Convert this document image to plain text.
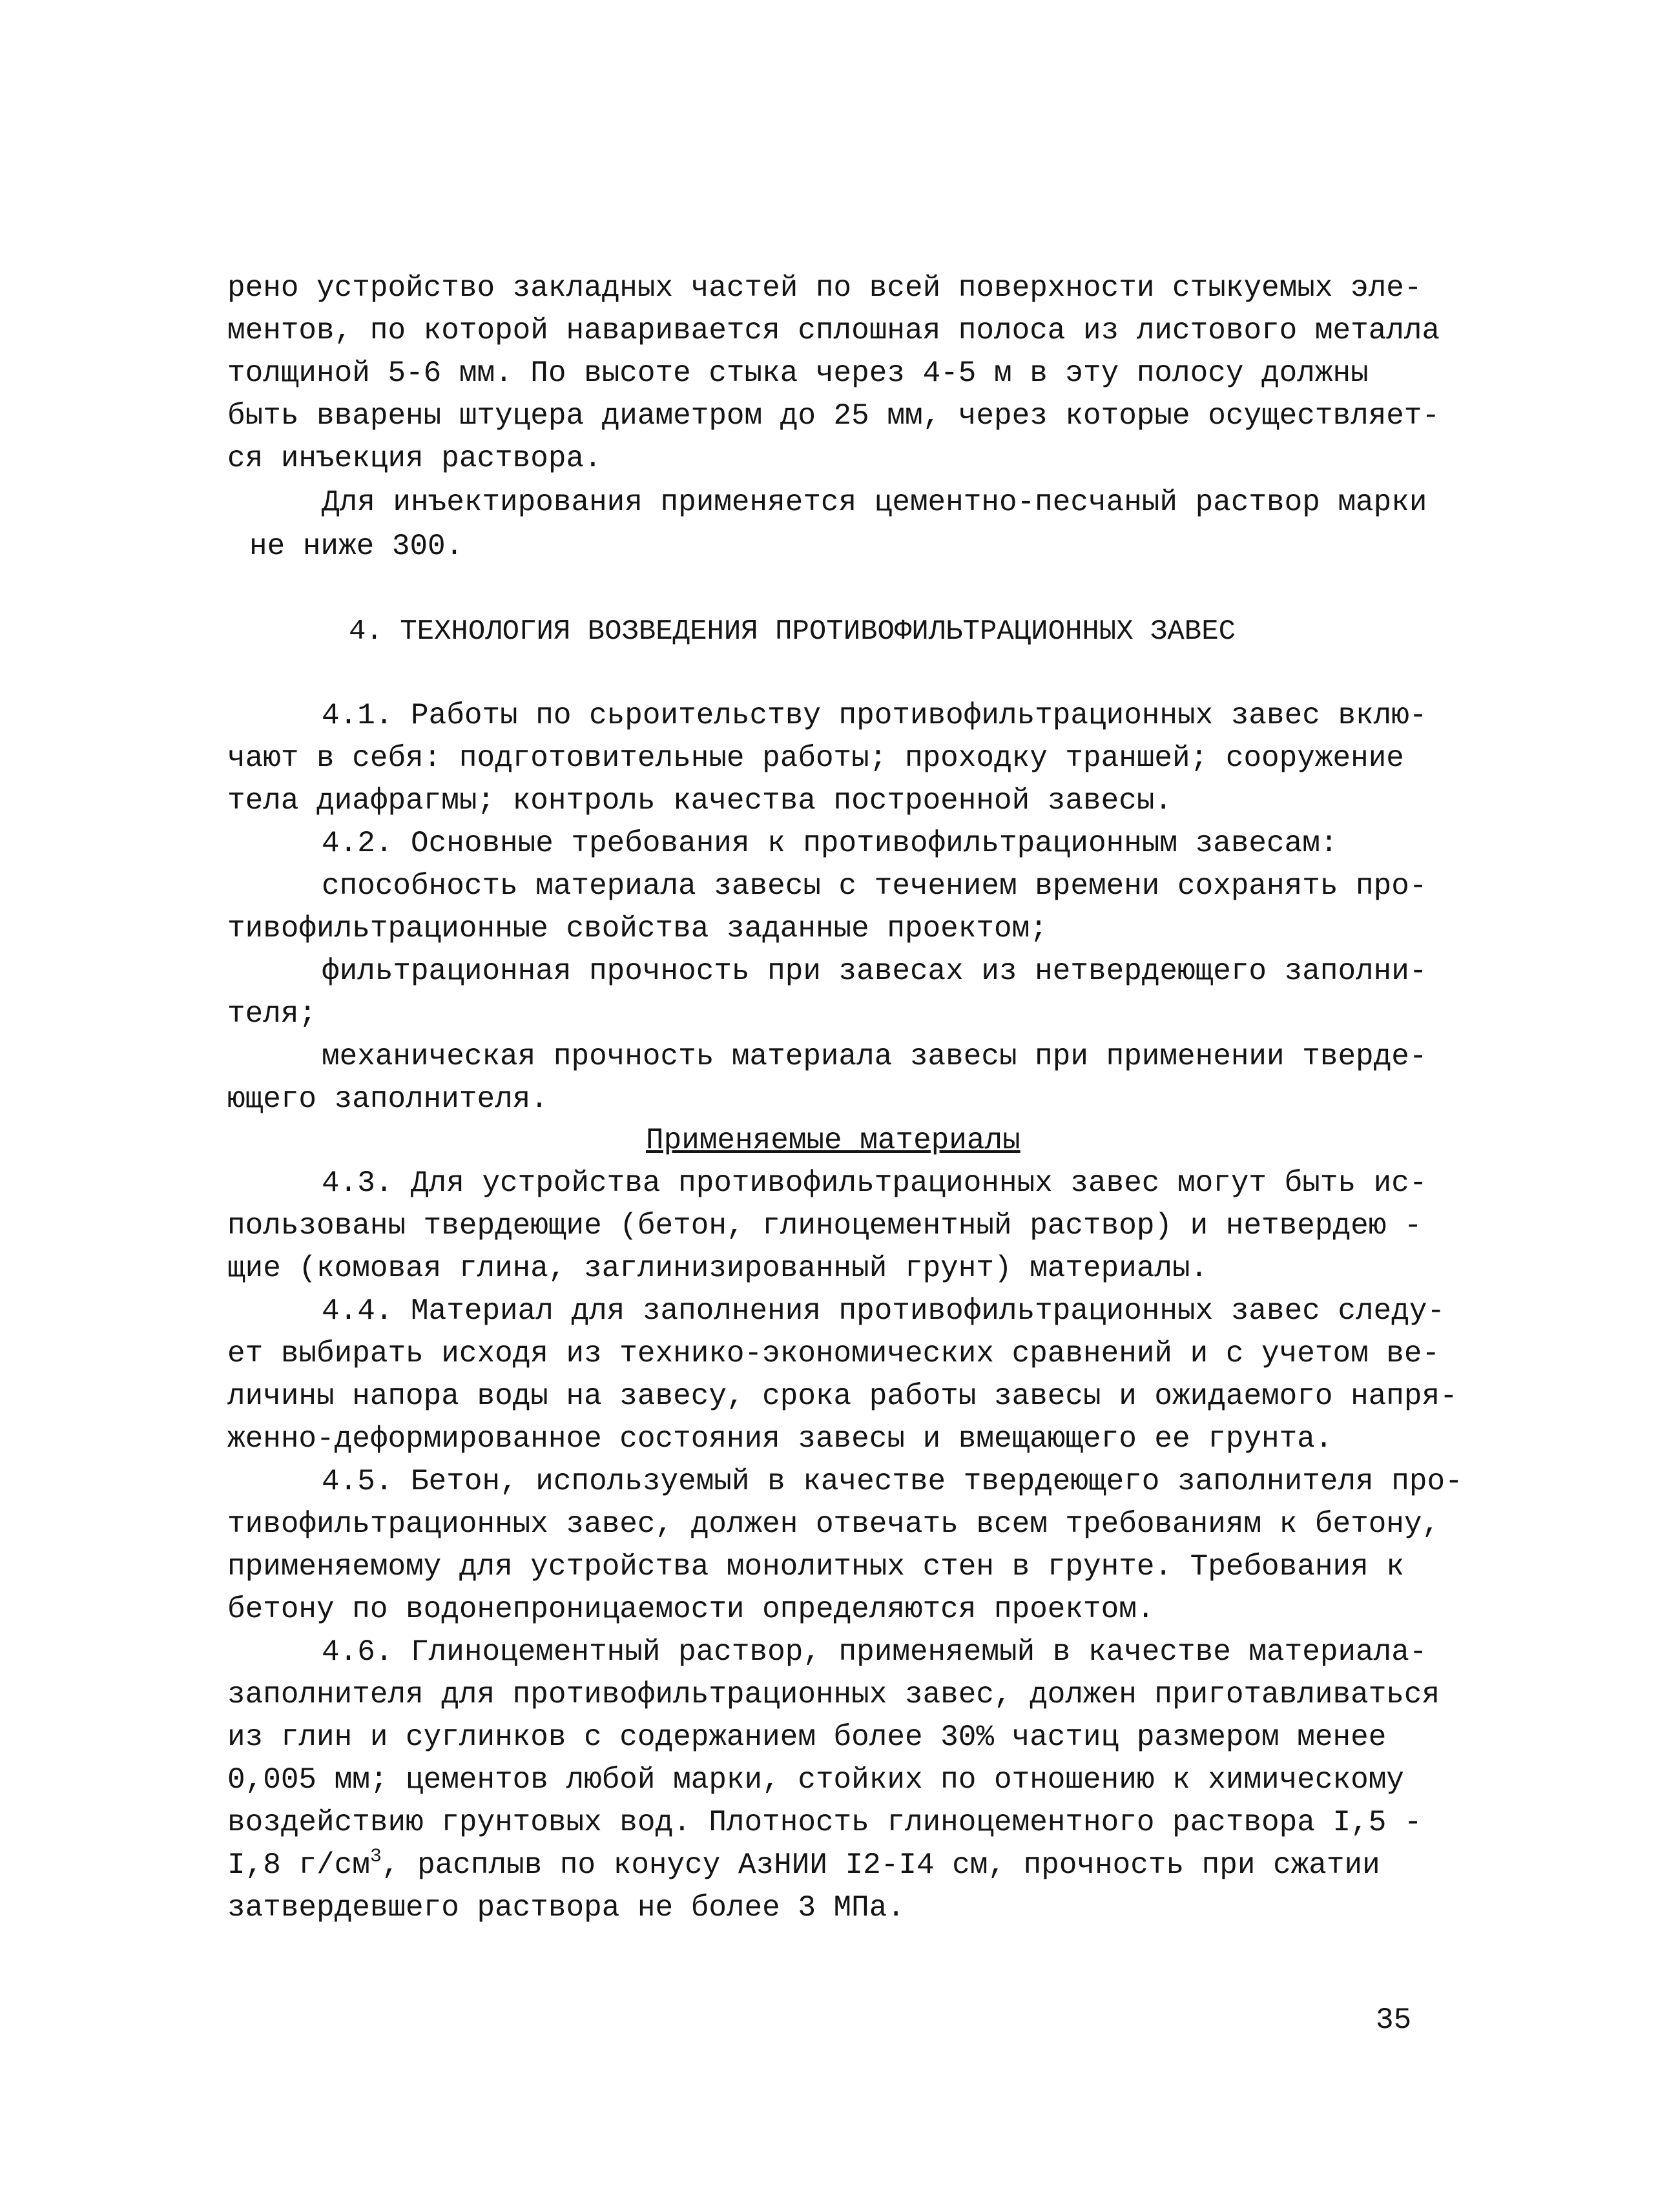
рено устройство закладных частей по всей поверхности стыкуемых эле-
ментов, по которой наваривается сплошная полоса из листового металла
толщиной 5-6 мм. По высоте стыка через 4-5 м в эту полосу должны
быть вварены штуцера диаметром до 25 мм, через которые осуществляет-
ся инъекция раствора.
Для инъектирования применяется цементно-песчаный раствор марки
не ниже 300.
4. ТЕХНОЛОГИЯ ВОЗВЕДЕНИЯ ПРОТИВОФИЛЬТРАЦИОННЫХ ЗАВЕС
4.1. Работы по сьроительству противофильтрационных завес вклю-
чают в себя: подготовительные работы; проходку траншей; сооружение
тела диафрагмы; контроль качества построенной завесы.
4.2. Основные требования к противофильтрационным завесам:
способность материала завесы с течением времени сохранять про-
тивофильтрационные свойства заданные проектом;
фильтрационная прочность при завесах из нетвердеющего заполни-
теля;
механическая прочность материала завесы при применении тверде-
ющего заполнителя.
Применяемые материалы
4.3. Для устройства противофильтрационных завес могут быть ис-
пользованы твердеющие (бетон, глиноцементный раствор) и нетвердею -
щие (комовая глина, заглинизированный грунт) материалы.
4.4. Материал для заполнения противофильтрационных завес следу-
ет выбирать исходя из технико-экономических сравнений и с учетом ве-
личины напора воды на завесу, срока работы завесы и ожидаемого напря-
женно-деформированное состояния завесы и вмещающего ее грунта.
4.5. Бетон, используемый в качестве твердеющего заполнителя про-
тивофильтрационных завес, должен отвечать всем требованиям к бетону,
применяемому для устройства монолитных стен в грунте. Требования к
бетону по водонепроницаемости определяются проектом.
4.6. Глиноцементный раствор, применяемый в качестве материала-
заполнителя для противофильтрационных завес, должен приготавливаться
из глин и суглинков с содержанием более 30% частиц размером менее
0,005 мм; цементов любой марки, стойких по отношению к химическому
воздействию грунтовых вод. Плотность глиноцементного раствора I,5 -
I,8 $г/см^3$, расплыв по конусу АзНИИ I2-I4 см, прочность при сжатии
затвердевшего раствора не более 3 МПа.
35
